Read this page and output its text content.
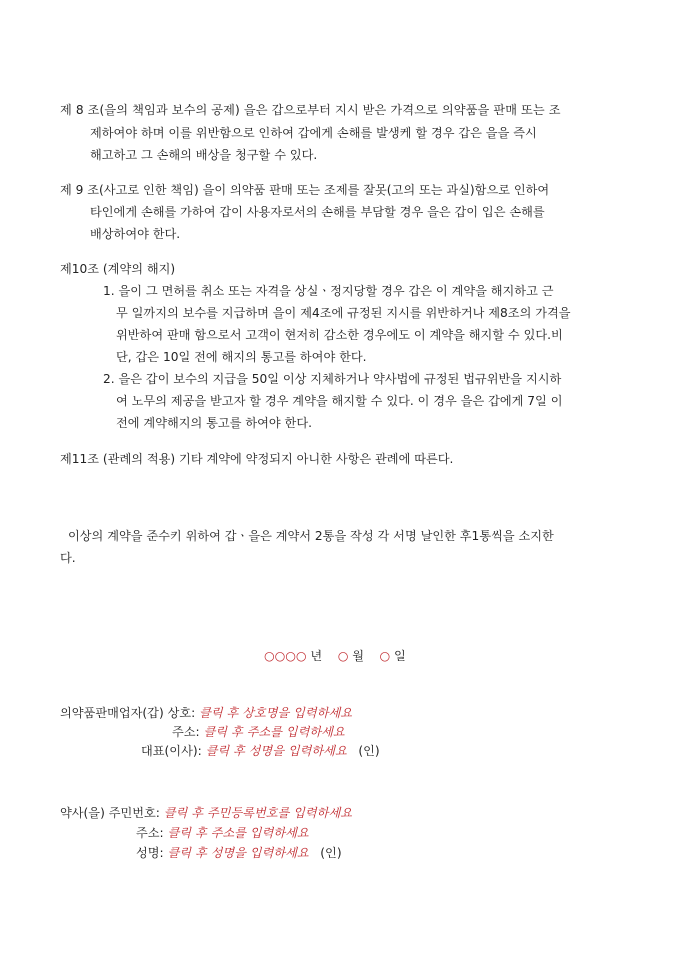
제 8 조(을의 책임과 보수의 공제) 을은 갑으로부터 지시 받은 가격으로 의약품을 판매 또는 조
제하여야 하며 이를 위반함으로 인하여 갑에게 손해를 발생케 할 경우 갑은 을을 즉시
해고하고 그 손해의 배상을 청구할 수 있다.
제 9 조(사고로 인한 책임) 을이 의약품 판매 또는 조제를 잘못(고의 또는 과실)함으로 인하여
타인에게 손해를 가하여 갑이 사용자로서의 손해를 부담할 경우 을은 갑이 입은 손해를
배상하여야 한다.
제10조 (계약의 해지)
1. 을이 그 면허를 취소 또는 자격을 상실ㆍ정지당할 경우 갑은 이 계약을 해지하고 근
무 일까지의 보수를 지급하며 을이 제4조에 규정된 지시를 위반하거나 제8조의 가격을
위반하여 판매 함으로서 고객이 현저히 감소한 경우에도 이 계약을 해지할 수 있다.비
단, 갑은 10일 전에 해지의 통고를 하여야 한다.
2. 을은 갑이 보수의 지급을 50일 이상 지체하거나 약사법에 규정된 법규위반을 지시하
여 노무의 제공을 받고자 할 경우 계약을 해지할 수 있다. 이 경우 을은 갑에게 7일 이
전에 계약해지의 통고를 하여야 한다.
제11조 (관례의 적용) 기타 계약에 약정되지 아니한 사항은 관례에 따른다.
이상의 계약을 준수키 위하여 갑ㆍ을은 계약서 2통을 작성 각 서명 날인한 후1통씩을 소지한
다.
○○○○ 년 ○ 월 ○ 일
의약품판매업자(갑) 상호: 클릭 후 상호명을 입력하세요
주소: 클릭 후 주소를 입력하세요
대표(이사): 클릭 후 성명을 입력하세요 (인)
약사(을) 주민번호: 클릭 후 주민등록번호를 입력하세요
주소: 클릭 후 주소를 입력하세요
성명: 클릭 후 성명을 입력하세요 (인)
